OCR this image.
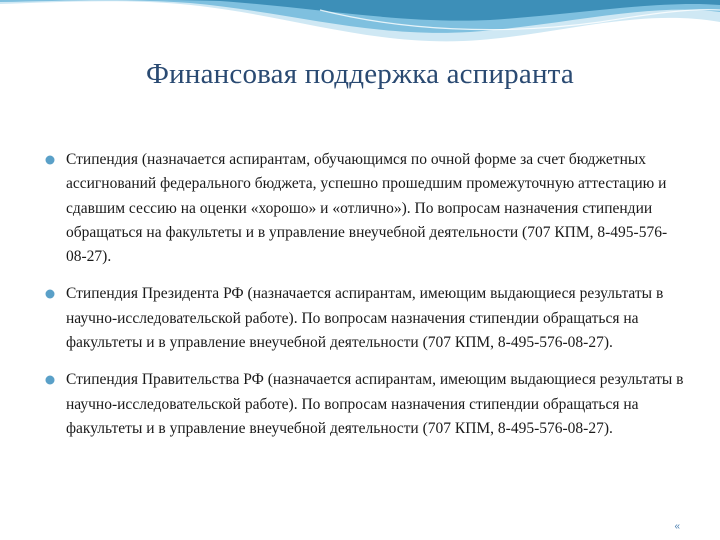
Финансовая поддержка аспиранта
Стипендия (назначается аспирантам, обучающимся по очной форме за счет бюджетных ассигнований федерального бюджета, успешно прошедшим промежуточную аттестацию и сдавшим сессию на оценки «хорошо» и «отлично»). По вопросам назначения стипендии обращаться на факультеты и в управление внеучебной деятельности (707 КПМ, 8-495-576-08-27).
Стипендия Президента РФ (назначается аспирантам, имеющим выдающиеся результаты в научно-исследовательской работе). По вопросам назначения стипендии обращаться на факультеты и в управление внеучебной деятельности (707 КПМ, 8-495-576-08-27).
Стипендия Правительства РФ (назначается аспирантам, имеющим выдающиеся результаты в научно-исследовательской работе). По вопросам назначения стипендии обращаться на факультеты и в управление внеучебной деятельности (707 КПМ, 8-495-576-08-27).
«
